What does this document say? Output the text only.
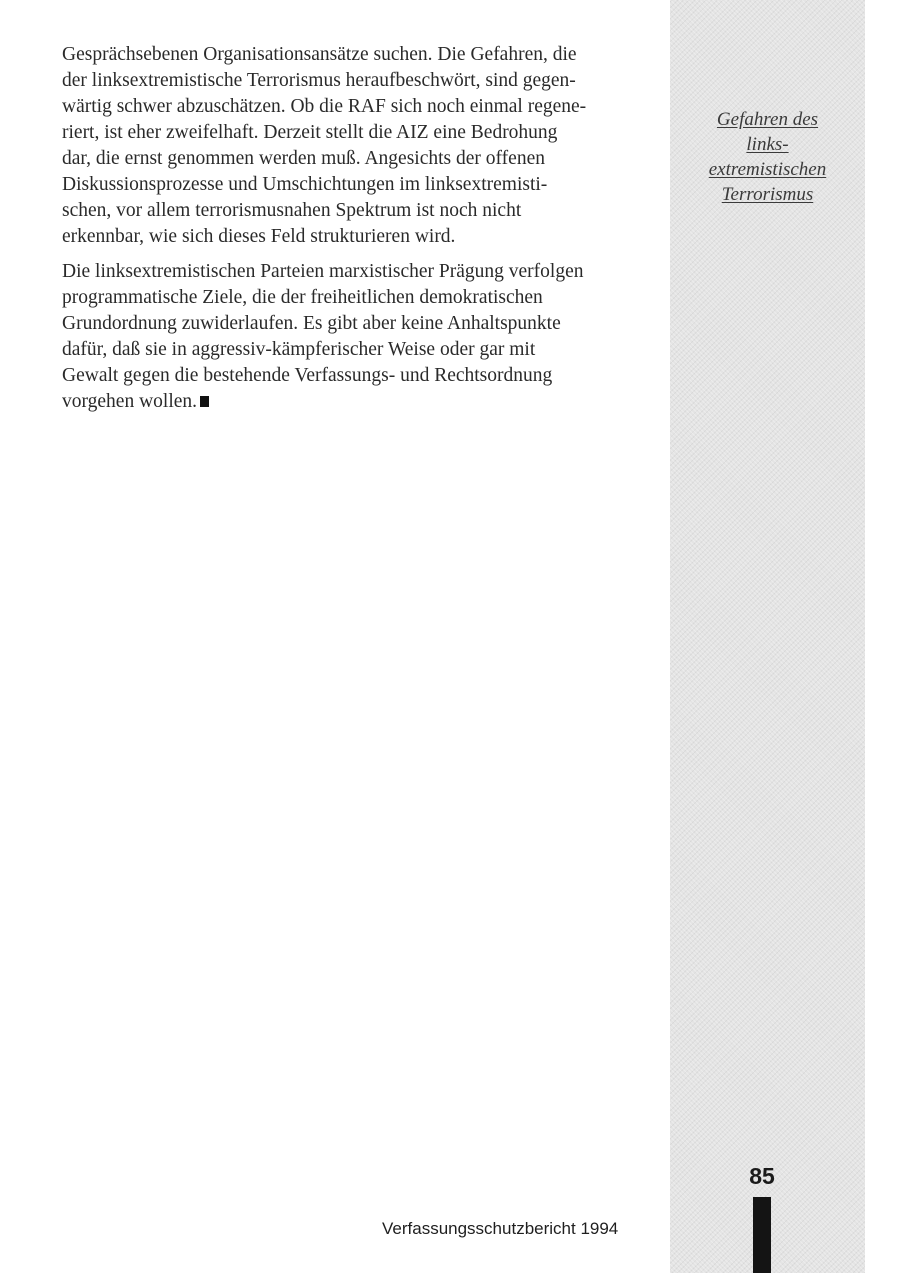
Gesprächsebenen Organisationsansätze suchen. Die Gefahren, die
der linksextremistische Terrorismus heraufbeschwört, sind gegen-
wärtig schwer abzuschätzen. Ob die RAF sich noch einmal regene-
riert, ist eher zweifelhaft. Derzeit stellt die AIZ eine Bedrohung
dar, die ernst genommen werden muß. Angesichts der offenen
Diskussionsprozesse und Umschichtungen im linksextremisti-
schen, vor allem terrorismusnahen Spektrum ist noch nicht
erkennbar, wie sich dieses Feld strukturieren wird.

Die linksextremistischen Parteien marxistischer Prägung verfolgen
programmatische Ziele, die der freiheitlichen demokratischen
Grundordnung zuwiderlaufen. Es gibt aber keine Anhaltspunkte
dafür, daß sie in aggressiv-kämpferischer Weise oder gar mit
Gewalt gegen die bestehende Verfassungs- und Rechtsordnung
vorgehen wollen.

Gefahren des
links-
extremistischen
Terrorismus
85
Verfassungsschutzbericht 1994
